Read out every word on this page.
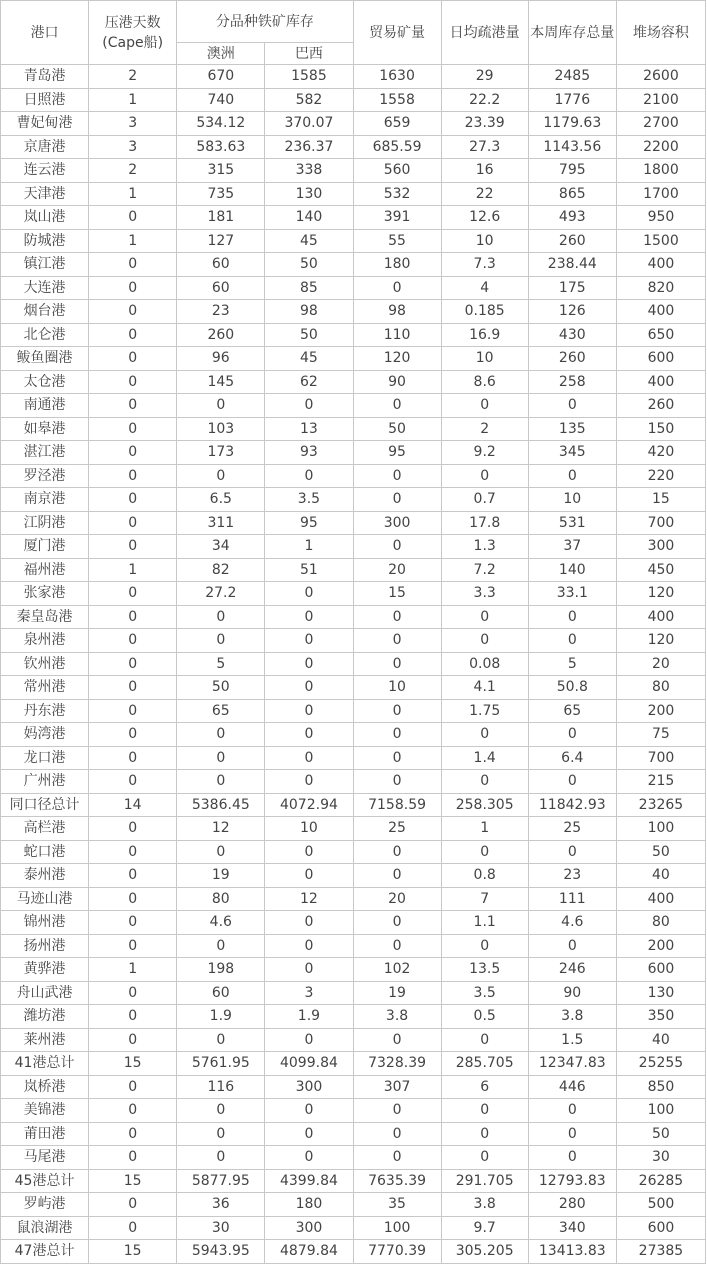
港口	压港天数(Cape船)	分品种铁矿库存		贸易矿量	日均疏港量	本周库存总量	堆场容积
		澳洲	巴西				
青岛港	2	670	1585	1630	29	2485	2600
日照港	1	740	582	1558	22.2	1776	2100
曹妃甸港	3	534.12	370.07	659	23.39	1179.63	2700
京唐港	3	583.63	236.37	685.59	27.3	1143.56	2200
连云港	2	315	338	560	16	795	1800
天津港	1	735	130	532	22	865	1700
岚山港	0	181	140	391	12.6	493	950
防城港	1	127	45	55	10	260	1500
镇江港	0	60	50	180	7.3	238.44	400
大连港	0	60	85	0	4	175	820
烟台港	0	23	98	98	0.185	126	400
北仑港	0	260	50	110	16.9	430	650
鲅鱼圈港	0	96	45	120	10	260	600
太仓港	0	145	62	90	8.6	258	400
南通港	0	0	0	0	0	0	260
如皋港	0	103	13	50	2	135	150
湛江港	0	173	93	95	9.2	345	420
罗泾港	0	0	0	0	0	0	220
南京港	0	6.5	3.5	0	0.7	10	15
江阴港	0	311	95	300	17.8	531	700
厦门港	0	34	1	0	1.3	37	300
福州港	1	82	51	20	7.2	140	450
张家港	0	27.2	0	15	3.3	33.1	120
秦皇岛港	0	0	0	0	0	0	400
泉州港	0	0	0	0	0	0	120
钦州港	0	5	0	0	0.08	5	20
常州港	0	50	0	10	4.1	50.8	80
丹东港	0	65	0	0	1.75	65	200
妈湾港	0	0	0	0	0	0	75
龙口港	0	0	0	0	1.4	6.4	700
广州港	0	0	0	0	0	0	215
同口径总计	14	5386.45	4072.94	7158.59	258.305	11842.93	23265
高栏港	0	12	10	25	1	25	100
蛇口港	0	0	0	0	0	0	50
泰州港	0	19	0	0	0.8	23	40
马迹山港	0	80	12	20	7	111	400
锦州港	0	4.6	0	0	1.1	4.6	80
扬州港	0	0	0	0	0	0	200
黄骅港	1	198	0	102	13.5	246	600
舟山武港	0	60	3	19	3.5	90	130
潍坊港	0	1.9	1.9	3.8	0.5	3.8	350
莱州港	0	0	0	0	0	1.5	40
41港总计	15	5761.95	4099.84	7328.39	285.705	12347.83	25255
岚桥港	0	116	300	307	6	446	850
美锦港	0	0	0	0	0	0	100
莆田港	0	0	0	0	0	0	50
马尾港	0	0	0	0	0	0	30
45港总计	15	5877.95	4399.84	7635.39	291.705	12793.83	26285
罗屿港	0	36	180	35	3.8	280	500
鼠浪湖港	0	30	300	100	9.7	340	600
47港总计	15	5943.95	4879.84	7770.39	305.205	13413.83	27385
